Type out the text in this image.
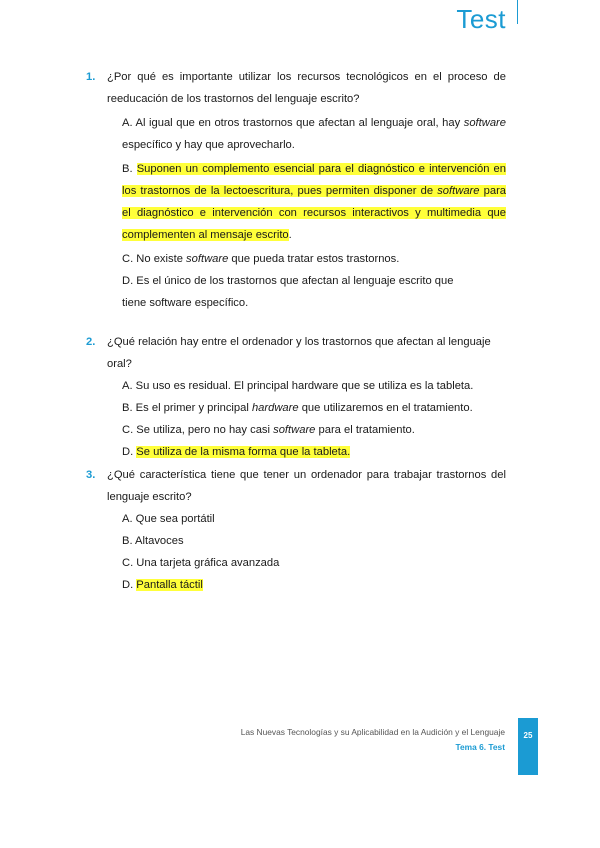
Test
1.	¿Por qué es importante utilizar los recursos tecnológicos en el proceso de reeducación de los trastornos del lenguaje escrito?
A. Al igual que en otros trastornos que afectan al lenguaje oral, hay software específico y hay que aprovecharlo.
B. Suponen un complemento esencial para el diagnóstico e intervención en los trastornos de la lectoescritura, pues permiten disponer de software para el diagnóstico e intervención con recursos interactivos y multimedia que complementen al mensaje escrito.
C. No existe software que pueda tratar estos trastornos.
D. Es el único de los trastornos que afectan al lenguaje escrito que tiene software específico.
2.	¿Qué relación hay entre el ordenador y los trastornos que afectan al lenguaje oral?
A. Su uso es residual. El principal hardware que se utiliza es la tableta.
B. Es el primer y principal hardware que utilizaremos en el tratamiento.
C. Se utiliza, pero no hay casi software para el tratamiento.
D. Se utiliza de la misma forma que la tableta.
3.	¿Qué característica tiene que tener un ordenador para trabajar trastornos del lenguaje escrito?
A. Que sea portátil
B. Altavoces
C. Una tarjeta gráfica avanzada
D. Pantalla táctil
Las Nuevas Tecnologías y su Aplicabilidad en la Audición y el Lenguaje
Tema 6. Test
25
